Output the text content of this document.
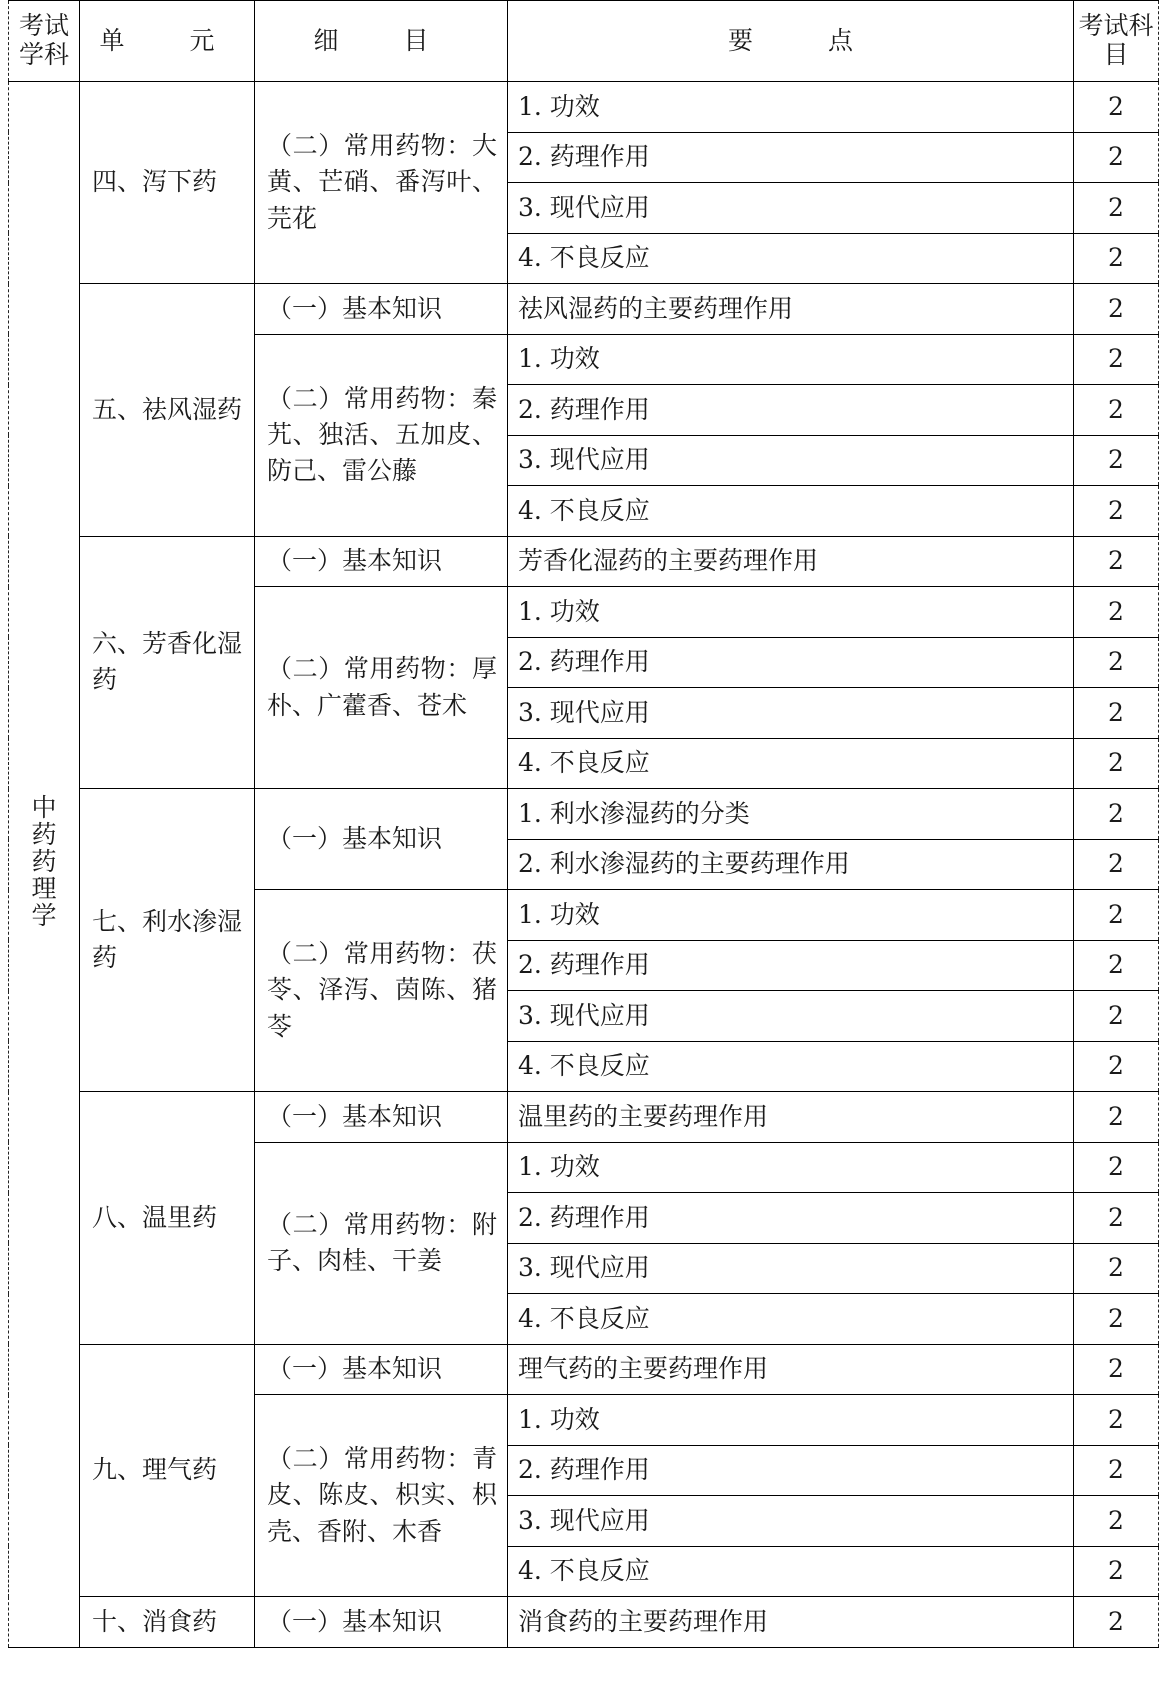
考试学科	单　元	细　目	要　　　点	考试科目
中药药理学	四、泻下药	（二）常用药物：大黄、芒硝、番泻叶、芫花	1. 功效	2
			2. 药理作用	2
			3. 现代应用	2
			4. 不良反应	2
	五、祛风湿药	（一）基本知识	祛风湿药的主要药理作用	2
		（二）常用药物：秦艽、独活、五加皮、防己、雷公藤	1. 功效	2
			2. 药理作用	2
			3. 现代应用	2
			4. 不良反应	2
	六、芳香化湿药	（一）基本知识	芳香化湿药的主要药理作用	2
		（二）常用药物：厚朴、广藿香、苍术	1. 功效	2
			2. 药理作用	2
			3. 现代应用	2
			4. 不良反应	2
	七、利水渗湿药	（一）基本知识	1. 利水渗湿药的分类	2
			2. 利水渗湿药的主要药理作用	2
		（二）常用药物：茯苓、泽泻、茵陈、猪苓	1. 功效	2
			2. 药理作用	2
			3. 现代应用	2
			4. 不良反应	2
	八、温里药	（一）基本知识	温里药的主要药理作用	2
		（二）常用药物：附子、肉桂、干姜	1. 功效	2
			2. 药理作用	2
			3. 现代应用	2
			4. 不良反应	2
	九、理气药	（一）基本知识	理气药的主要药理作用	2
		（二）常用药物：青皮、陈皮、枳实、枳壳、香附、木香	1. 功效	2
			2. 药理作用	2
			3. 现代应用	2
			4. 不良反应	2
	十、消食药	（一）基本知识	消食药的主要药理作用	2
